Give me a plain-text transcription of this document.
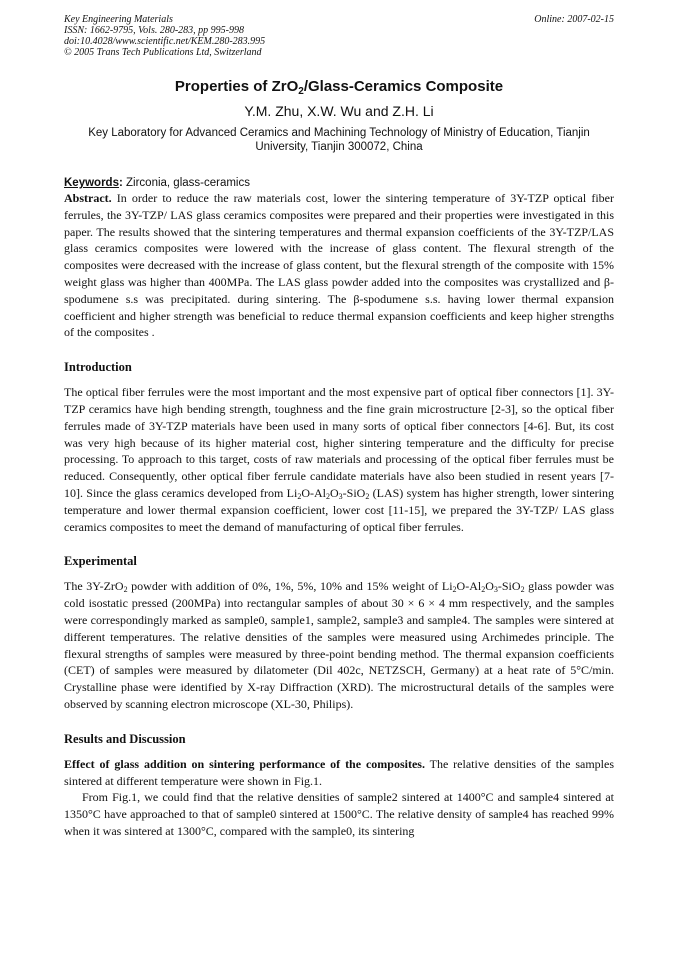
Key Engineering Materials	Online: 2007-02-15
ISSN: 1662-9795, Vols. 280-283, pp 995-998
doi:10.4028/www.scientific.net/KEM.280-283.995
© 2005 Trans Tech Publications Ltd, Switzerland
Properties of ZrO$_2$/Glass-Ceramics Composite
Y.M. Zhu, X.W. Wu and Z.H. Li
Key Laboratory for Advanced Ceramics and Machining Technology of Ministry of Education, Tianjin
University, Tianjin 300072, China
Keywords: Zirconia, glass-ceramics

Abstract. In order to reduce the raw materials cost, lower the sintering temperature of 3Y-TZP optical fiber ferrules, the 3Y-TZP/ LAS glass ceramics composites were prepared and their properties were investigated in this paper. The results showed that the sintering temperatures and thermal expansion coefficients of the 3Y-TZP/LAS glass ceramics composites were lowered with the increase of glass content. The flexural strength of the composites were decreased with the increase of glass content, but the flexural strength of the composite with 15% weight glass was higher than 400MPa. The LAS glass powder added into the composites was crystallized and β-spodumene s.s was precipitated. during sintering. The β-spodumene s.s. having lower thermal expansion coefficient and higher strength was beneficial to reduce thermal expansion coefficients and keep higher strengths of the composites .

Introduction

The optical fiber ferrules were the most important and the most expensive part of optical fiber connectors [1]. 3Y-TZP ceramics have high bending strength, toughness and the fine grain microstructure [2-3], so the optical fiber ferrules made of 3Y-TZP materials have been used in many sorts of optical fiber connectors [4-6]. But, its cost was very high because of its higher material cost, higher sintering temperature and the difficulty for precise processing. To approach to this target, costs of raw materials and processing of the optical fiber ferrules must be reduced. Consequently, other optical fiber ferrule candidate materials have also been studied in resent years [7-10]. Since the glass ceramics developed from $Li_2O-Al_2O_3-SiO_2$ (LAS) system has higher strength, lower sintering temperature and lower thermal expansion coefficient, lower cost [11-15], we prepared the 3Y-TZP/ LAS glass ceramics composites to meet the demand of manufacturing of optical fiber ferrules.

Experimental

The 3Y-ZrO$_2$ powder with addition of 0%, 1%, 5%, 10% and 15% weight of $Li_2O-Al_2O_3-SiO_2$ glass powder was cold isostatic pressed (200MPa) into rectangular samples of about 30 × 6 × 4 mm respectively, and the samples were correspondingly marked as sample0, sample1, sample2, sample3 and sample4. The samples were sintered at different temperatures. The relative densities of the samples were measured using Archimedes principle. The flexural strengths of samples were measured by three-point bending method. The thermal expansion coefficients (CET) of samples were measured by dilatometer (Dil 402c, NETZSCH, Germany) at a heat rate of 5°C/min. Crystalline phase were identified by X-ray Diffraction (XRD). The microstructural details of the samples were observed by scanning electron microscope (XL-30, Philips).

Results and Discussion

Effect of glass addition on sintering performance of the composites. The relative densities of the samples sintered at different temperature were shown in Fig.1.

From Fig.1, we could find that the relative densities of sample2 sintered at 1400°C and sample4 sintered at 1350°C have approached to that of sample0 sintered at 1500°C. The relative density of sample4 has reached 99% when it was sintered at 1300°C, compared with the sample0, its sintering
